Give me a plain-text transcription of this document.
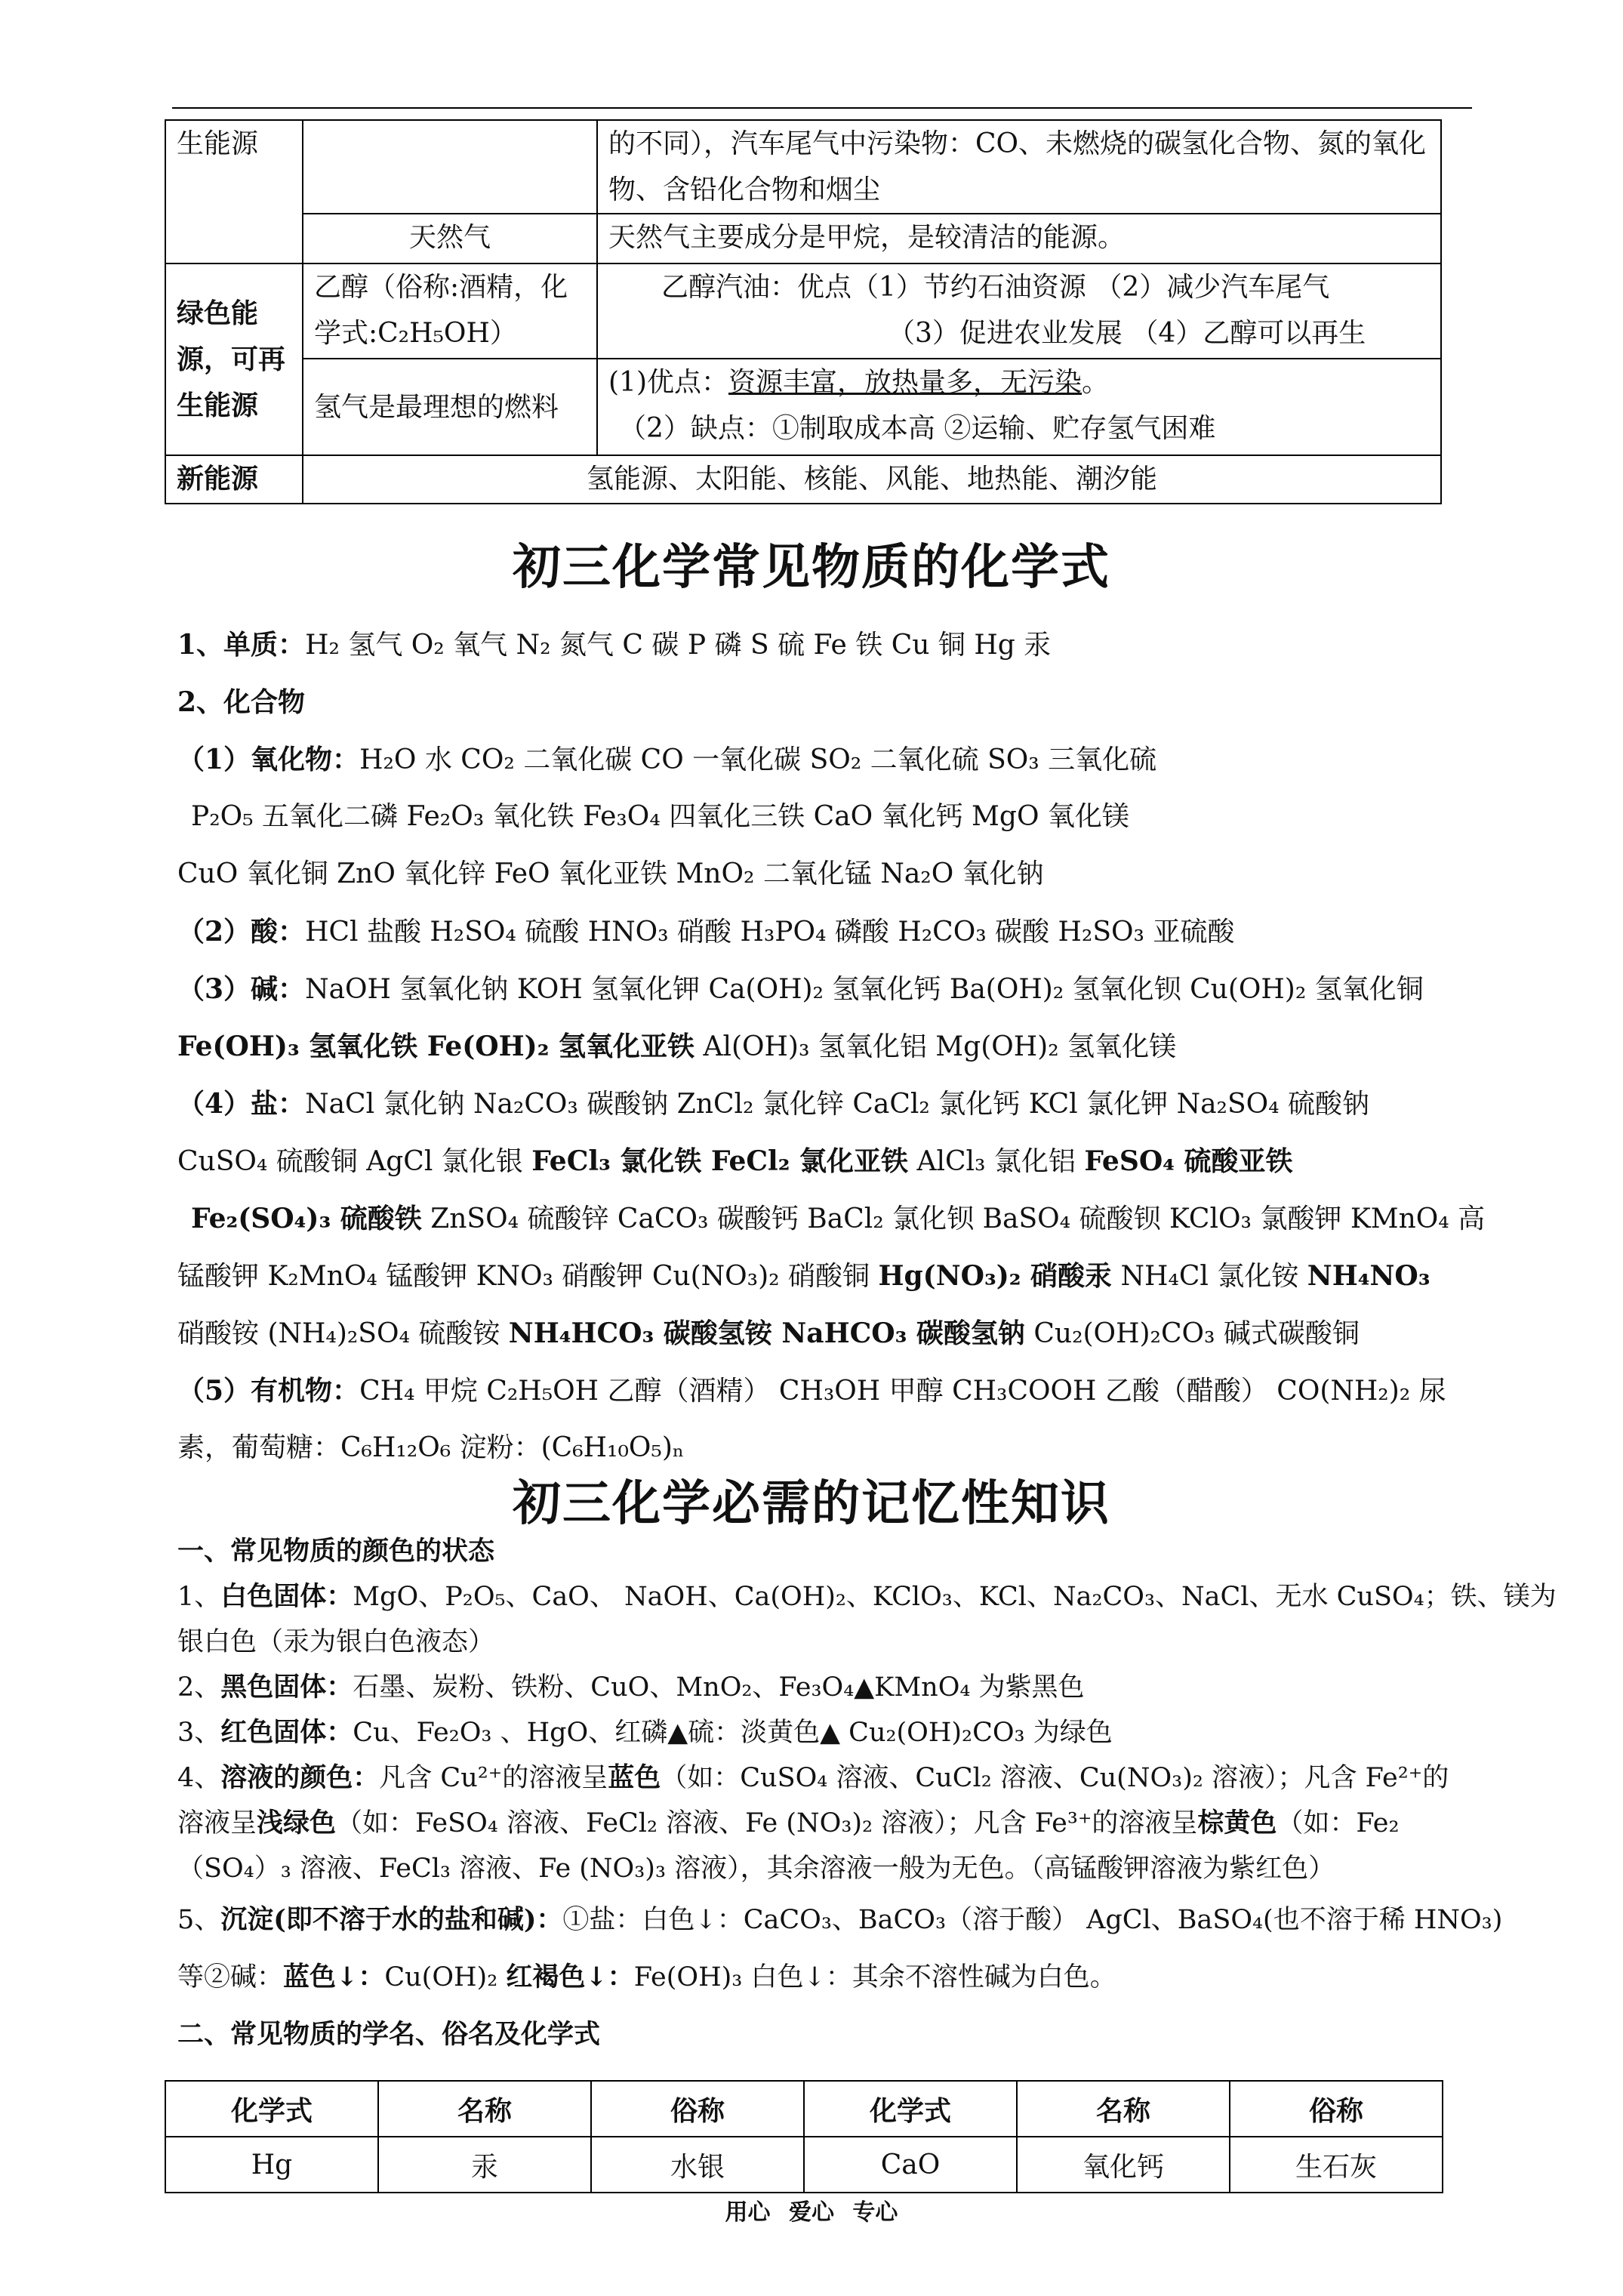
生能源		的不同），汽车尾气中污染物：CO、未燃烧的碳氢化合物、氮的氧化物、含铅化合物和烟尘
	天然气	天然气主要成分是甲烷，是较清洁的能源。
绿色能源，可再生能源	乙醇（俗称:酒精，化学式:C₂H₅OH）	乙醇汽油：优点（1）节约石油资源 （2）减少汽车尾气
（3）促进农业发展 （4）乙醇可以再生

	氢气是最理想的燃料	(1)优点：资源丰富，放热量多，无污染。
（2）缺点：①制取成本高 ②运输、贮存氢气困难

新能源	氢能源、太阳能、核能、风能、地热能、潮汐能	
初三化学常见物质的化学式
1、单质：H₂ 氢气 O₂ 氧气 N₂ 氮气 C 碳 P 磷 S 硫 Fe 铁 Cu 铜 Hg 汞
2、化合物
（1）氧化物：H₂O 水 CO₂ 二氧化碳 CO 一氧化碳 SO₂ 二氧化硫 SO₃ 三氧化硫
P₂O₅ 五氧化二磷 Fe₂O₃ 氧化铁 Fe₃O₄ 四氧化三铁 CaO 氧化钙 MgO 氧化镁
CuO 氧化铜 ZnO 氧化锌 FeO 氧化亚铁 MnO₂ 二氧化锰 Na₂O 氧化钠
（2）酸：HCl 盐酸 H₂SO₄ 硫酸 HNO₃ 硝酸 H₃PO₄ 磷酸 H₂CO₃ 碳酸 H₂SO₃ 亚硫酸
（3）碱：NaOH 氢氧化钠 KOH 氢氧化钾 Ca(OH)₂ 氢氧化钙 Ba(OH)₂ 氢氧化钡 Cu(OH)₂ 氢氧化铜
Fe(OH)₃ 氢氧化铁 Fe(OH)₂ 氢氧化亚铁 Al(OH)₃ 氢氧化铝 Mg(OH)₂ 氢氧化镁
（4）盐：NaCl 氯化钠 Na₂CO₃ 碳酸钠 ZnCl₂ 氯化锌 CaCl₂ 氯化钙 KCl 氯化钾 Na₂SO₄ 硫酸钠
CuSO₄ 硫酸铜 AgCl 氯化银 FeCl₃ 氯化铁 FeCl₂ 氯化亚铁 AlCl₃ 氯化铝 FeSO₄ 硫酸亚铁
Fe₂(SO₄)₃ 硫酸铁 ZnSO₄ 硫酸锌 CaCO₃ 碳酸钙 BaCl₂ 氯化钡 BaSO₄ 硫酸钡 KClO₃ 氯酸钾 KMnO₄ 高
锰酸钾 K₂MnO₄ 锰酸钾 KNO₃ 硝酸钾 Cu(NO₃)₂ 硝酸铜 Hg(NO₃)₂ 硝酸汞 NH₄Cl 氯化铵 NH₄NO₃
硝酸铵 (NH₄)₂SO₄ 硫酸铵 NH₄HCO₃ 碳酸氢铵 NaHCO₃ 碳酸氢钠 Cu₂(OH)₂CO₃ 碱式碳酸铜
（5）有机物：CH₄ 甲烷 C₂H₅OH 乙醇（酒精） CH₃OH 甲醇 CH₃COOH 乙酸（醋酸） CO(NH₂)₂ 尿
素，葡萄糖：C₆H₁₂O₆ 淀粉：(C₆H₁₀O₅)ₙ
初三化学必需的记忆性知识
一、常见物质的颜色的状态
1、白色固体：MgO、P₂O₅、CaO、 NaOH、Ca(OH)₂、KClO₃、KCl、Na₂CO₃、NaCl、无水 CuSO₄；铁、镁为
银白色（汞为银白色液态）
2、黑色固体：石墨、炭粉、铁粉、CuO、MnO₂、Fe₃O₄▲KMnO₄ 为紫黑色
3、红色固体：Cu、Fe₂O₃ 、HgO、红磷▲硫：淡黄色▲ Cu₂(OH)₂CO₃ 为绿色
4、溶液的颜色：凡含 Cu²⁺的溶液呈蓝色（如：CuSO₄ 溶液、CuCl₂ 溶液、Cu(NO₃)₂ 溶液）；凡含 Fe²⁺的
溶液呈浅绿色（如：FeSO₄ 溶液、FeCl₂ 溶液、Fe (NO₃)₂ 溶液）；凡含 Fe³⁺的溶液呈棕黄色（如：Fe₂
（SO₄）₃ 溶液、FeCl₃ 溶液、Fe (NO₃)₃ 溶液），其余溶液一般为无色。（高锰酸钾溶液为紫红色）
5、沉淀(即不溶于水的盐和碱)：①盐：白色↓：CaCO₃、BaCO₃（溶于酸） AgCl、BaSO₄(也不溶于稀 HNO₃)
等②碱：蓝色↓：Cu(OH)₂ 红褐色↓：Fe(OH)₃ 白色↓：其余不溶性碱为白色。
二、常见物质的学名、俗名及化学式
化学式	名称	俗称	化学式	名称	俗称
Hg	汞	水银	CaO	氧化钙	生石灰
用心 爱心 专心
